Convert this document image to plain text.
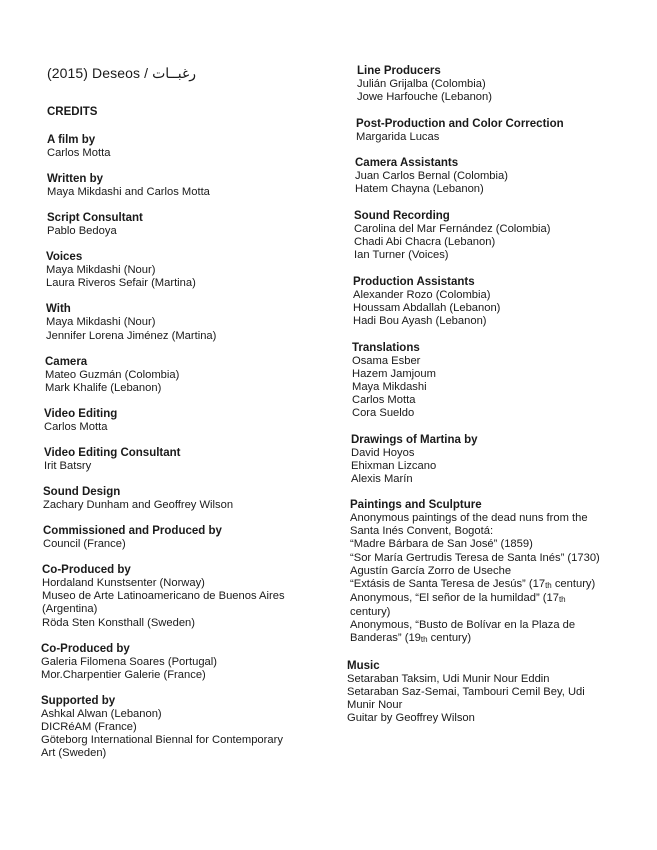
(2015) Deseos / رغبــات
CREDITS
A film by
Carlos Motta
Written by
Maya Mikdashi and Carlos Motta
Script Consultant
Pablo Bedoya
Voices
Maya Mikdashi (Nour)
Laura Riveros Sefair (Martina)
With
Maya Mikdashi (Nour)
Jennifer Lorena Jiménez (Martina)
Camera
Mateo Guzmán (Colombia)
Mark Khalife (Lebanon)
Video Editing
Carlos Motta
Video Editing Consultant
Irit Batsry
Sound Design
Zachary Dunham and Geoffrey Wilson
Commissioned and Produced by
Council (France)
Co-Produced by
Hordaland Kunstsenter (Norway)
Museo de Arte Latinoamericano de Buenos Aires
(Argentina)
Röda Sten Konsthall (Sweden)
Co-Produced by
Galeria Filomena Soares (Portugal)
Mor.Charpentier Galerie (France)
Supported by
Ashkal Alwan (Lebanon)
DICRéAM (France)
Göteborg International Biennal for Contemporary
Art (Sweden)
Line Producers
Julián Grijalba (Colombia)
Jowe Harfouche (Lebanon)
Post-Production and Color Correction
Margarida Lucas
Camera Assistants
Juan Carlos Bernal (Colombia)
Hatem Chayna (Lebanon)
Sound Recording
Carolina del Mar Fernández (Colombia)
Chadi Abi Chacra (Lebanon)
Ian Turner (Voices)
Production Assistants
Alexander Rozo (Colombia)
Houssam Abdallah (Lebanon)
Hadi Bou Ayash (Lebanon)
Translations
Osama Esber
Hazem Jamjoum
Maya Mikdashi
Carlos Motta
Cora Sueldo
Drawings of Martina by
David Hoyos
Ehixman Lizcano
Alexis Marín
Paintings and Sculpture
Anonymous paintings of the dead nuns from the
Santa Inés Convent, Bogotá:
“Madre Bárbara de San José” (1859)
“Sor María Gertrudis Teresa de Santa Inés” (1730)
Agustín García Zorro de Useche
“Extásis de Santa Teresa de Jesús” ($17_{th}$ century)
Anonymous, “El señor de la humildad” ($17_{th}$
century)
Anonymous, “Busto de Bolívar en la Plaza de
Banderas” ($19_{th}$ century)
Music
Setaraban Taksim, Udi Munir Nour Eddin
Setaraban Saz-Semai, Tambouri Cemil Bey, Udi
Munir Nour
Guitar by Geoffrey Wilson
